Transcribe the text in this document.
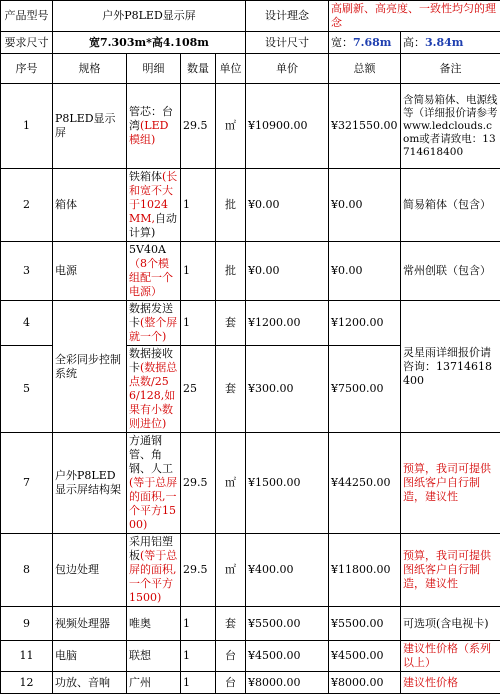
产品型号	户外P8LED显示屏				设计理念	高刷新、高亮度、一致性均匀的理念	
要求尺寸	宽7.303m*高4.108m				设计尺寸	宽：7.68m	高：3.84m
序号	规格	明细	数量	单位	单价	总额	备注
1	P8LED显示屏	管芯：台湾(LED模组)	29.5	㎡	¥10900.00	¥321550.00	含简易箱体、电源线等（详细报价请参考www.ledclouds.com或者请致电：13714618400
2	箱体	铁箱体(长和宽不大于1024MM,自动计算)	1	批	¥0.00	¥0.00	简易箱体（包含）
3	电源	5V40A（8个模组配一个电源）	1	批	¥0.00	¥0.00	常州创联（包含）
4	全彩同步控制系统	数据发送卡(整个屏就一个)	1	套	¥1200.00	¥1200.00	灵星雨详细报价请咨询：13714618400
5		数据接收卡(数据总点数/256/128,如果有小数则进位)	25	套	¥300.00	¥7500.00	
7	户外P8LED显示屏结构架	方通钢管、角钢、人工(等于总屏的面积,一个平方1500)	29.5	㎡	¥1500.00	¥44250.00	预算，我司可提供图纸客户自行制造，建议性
8	包边处理	采用铝塑板(等于总屏的面积,一个平方1500)	29.5	㎡	¥400.00	¥11800.00	预算，我司可提供图纸客户自行制造，建议性
9	视频处理器	唯奥	1	套	¥5500.00	¥5500.00	可选项(含电视卡)
11	电脑	联想	1	台	¥4500.00	¥4500.00	建议性价格（系列以上）
12	功放、音响	广州	1	台	¥8000.00	¥8000.00	建议性价格
